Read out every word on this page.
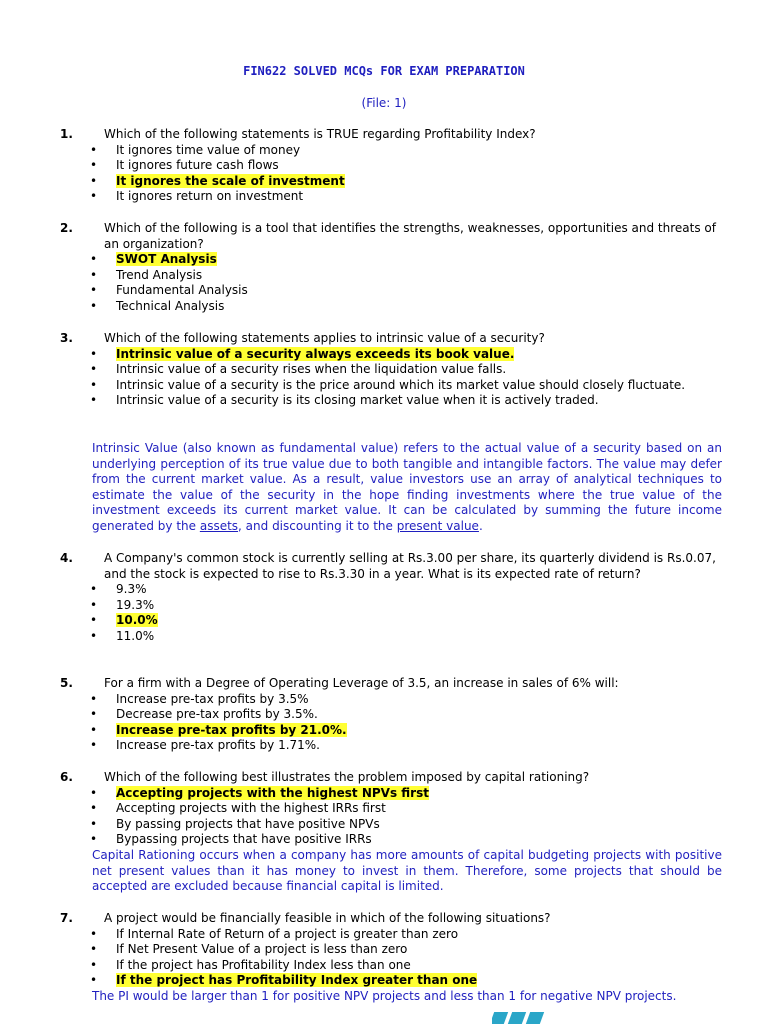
FIN622 SOLVED MCQs FOR EXAM PREPARATION
(File: 1)
1.	Which of the following statements is TRUE regarding Profitability Index?
• It ignores time value of money
• It ignores future cash flows
• It ignores the scale of investment
• It ignores return on investment
2.	Which of the following is a tool that identifies the strengths, weaknesses, opportunities and threats of an organization?
• SWOT Analysis
• Trend Analysis
• Fundamental Analysis
• Technical Analysis
3.	Which of the following statements applies to intrinsic value of a security?
• Intrinsic value of a security always exceeds its book value.
• Intrinsic value of a security rises when the liquidation value falls.
• Intrinsic value of a security is the price around which its market value should closely fluctuate.
• Intrinsic value of a security is its closing market value when it is actively traded.

Intrinsic Value (also known as fundamental value) refers to the actual value of a security based on an underlying perception of its true value due to both tangible and intangible factors. The value may defer from the current market value. As a result, value investors use an array of analytical techniques to estimate the value of the security in the hope finding investments where the true value of the investment exceeds its current market value. It can be calculated by summing the future income generated by the assets, and discounting it to the present value.

4.	A Company's common stock is currently selling at Rs.3.00 per share, its quarterly dividend is Rs.0.07, and the stock is expected to rise to Rs.3.30 in a year. What is its expected rate of return?
• 9.3%
• 19.3%
• 10.0%
• 11.0%
5.	For a firm with a Degree of Operating Leverage of 3.5, an increase in sales of 6% will:
• Increase pre-tax profits by 3.5%
• Decrease pre-tax profits by 3.5%.
• Increase pre-tax profits by 21.0%.
• Increase pre-tax profits by 1.71%.
6.	Which of the following best illustrates the problem imposed by capital rationing?
• Accepting projects with the highest NPVs first
• Accepting projects with the highest IRRs first
• By passing projects that have positive NPVs
• Bypassing projects that have positive IRRs

Capital Rationing occurs when a company has more amounts of capital budgeting projects with positive net present values than it has money to invest in them. Therefore, some projects that should be accepted are excluded because financial capital is limited.

7.	A project would be financially feasible in which of the following situations?
• If Internal Rate of Return of a project is greater than zero
• If Net Present Value of a project is less than zero
• If the project has Profitability Index less than one
• If the project has Profitability Index greater than one

The PI would be larger than 1 for positive NPV projects and less than 1 for negative NPV projects.
